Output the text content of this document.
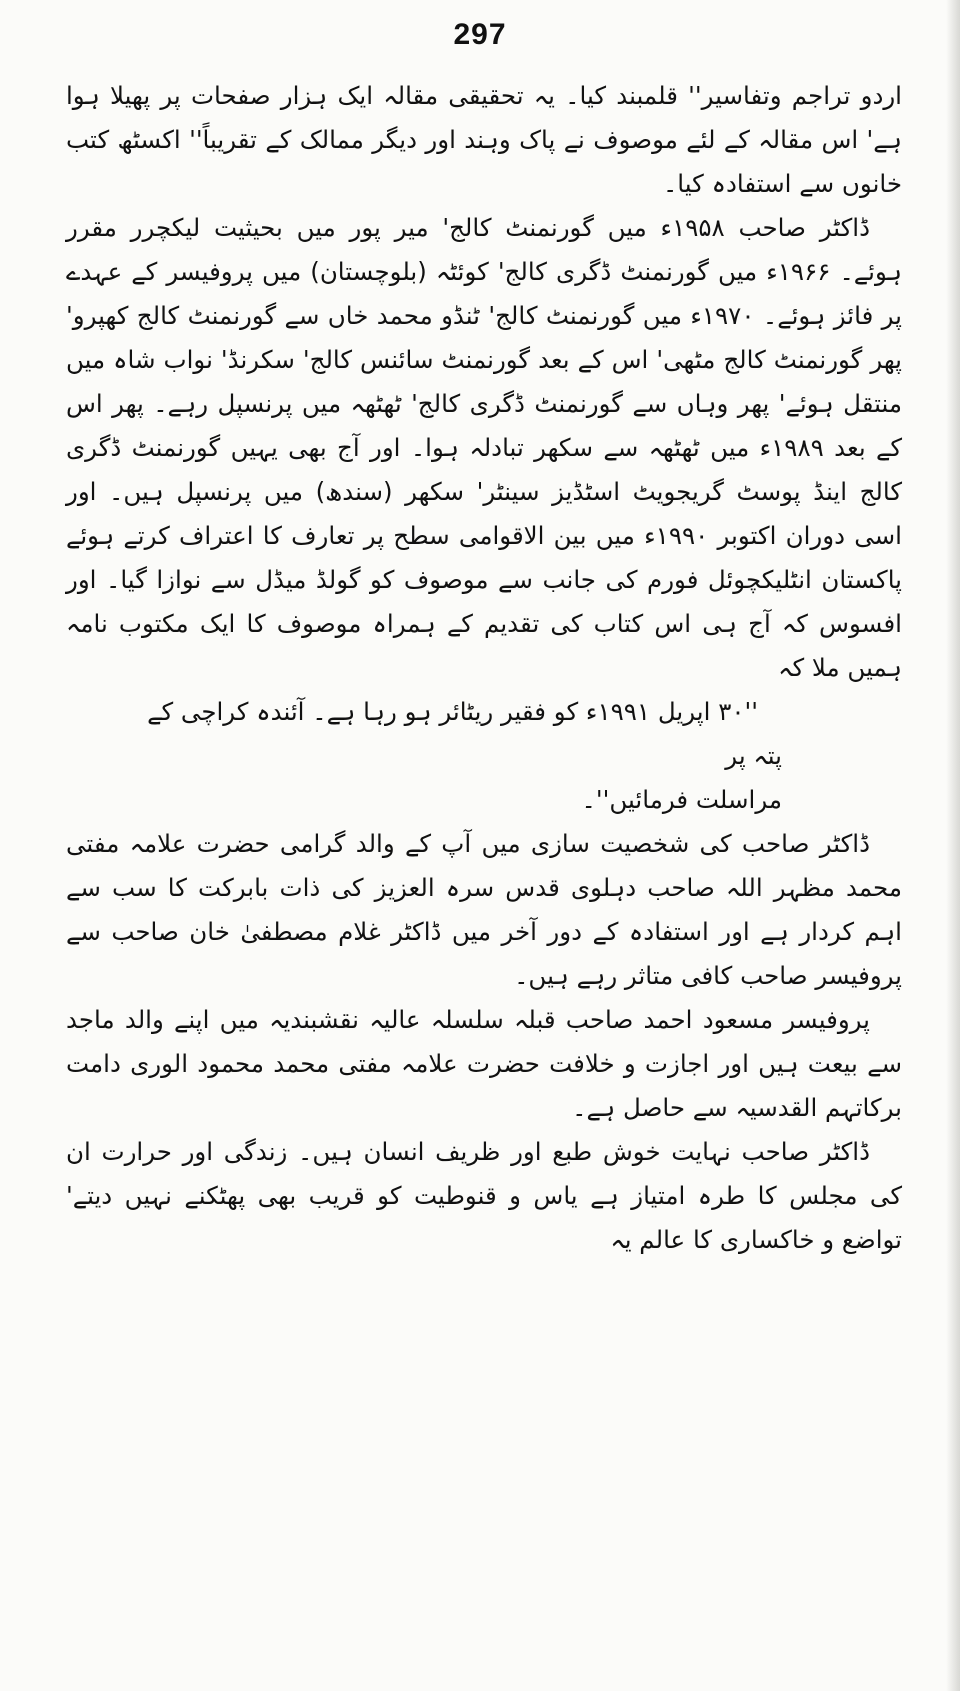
297

اردو تراجم وتفاسیر'' قلمبند کیا۔ یہ تحقیقی مقالہ ایک ہزار صفحات پر پھیلا ہوا ہے' اس مقالہ کے لئے موصوف نے پاک وہند اور دیگر ممالک کے تقریباً'' اکسٹھ کتب خانوں سے استفادہ کیا۔

ڈاکٹر صاحب ۱۹۵۸ء میں گورنمنٹ کالج' میر پور میں بحیثیت لیکچرر مقرر ہوئے۔ ۱۹۶۶ء میں گورنمنٹ ڈگری کالج' کوئٹہ (بلوچستان) میں پروفیسر کے عہدے پر فائز ہوئے۔ ۱۹۷۰ء میں گورنمنٹ کالج' ٹنڈو محمد خاں سے گورنمنٹ کالج کھپرو' پھر گورنمنٹ کالج مٹھی' اس کے بعد گورنمنٹ سائنس کالج' سکرنڈ' نواب شاہ میں منتقل ہوئے' پھر وہاں سے گورنمنٹ ڈگری کالج' ٹھٹھہ میں پرنسپل رہے۔ پھر اس کے بعد ۱۹۸۹ء میں ٹھٹھہ سے سکھر تبادلہ ہوا۔ اور آج بھی یہیں گورنمنٹ ڈگری کالج اینڈ پوسٹ گریجویٹ اسٹڈیز سینٹر' سکھر (سندھ) میں پرنسپل ہیں۔ اور اسی دوران اکتوبر ۱۹۹۰ء میں بین الاقوامی سطح پر تعارف کا اعتراف کرتے ہوئے پاکستان انٹلیکچوئل فورم کی جانب سے موصوف کو گولڈ میڈل سے نوازا گیا۔ اور افسوس کہ آج ہی اس کتاب کی تقدیم کے ہمراہ موصوف کا ایک مکتوب نامہ ہمیں ملا کہ

''۳۰ اپریل ۱۹۹۱ء کو فقیر ریٹائر ہو رہا ہے۔ آئندہ کراچی کے پتہ پر

مراسلت فرمائیں''۔

ڈاکٹر صاحب کی شخصیت سازی میں آپ کے والد گرامی حضرت علامہ مفتی محمد مظہر اللہ صاحب دہلوی قدس سرہ العزیز کی ذات بابرکت کا سب سے اہم کردار ہے اور استفادہ کے دور آخر میں ڈاکٹر غلام مصطفیٰ خان صاحب سے پروفیسر صاحب کافی متاثر رہے ہیں۔

پروفیسر مسعود احمد صاحب قبلہ سلسلہ عالیہ نقشبندیہ میں اپنے والد ماجد سے بیعت ہیں اور اجازت و خلافت حضرت علامہ مفتی محمد محمود الوری دامت برکاتہم القدسیہ سے حاصل ہے۔

ڈاکٹر صاحب نہایت خوش طبع اور ظریف انسان ہیں۔ زندگی اور حرارت ان کی مجلس کا طرہ امتیاز ہے یاس و قنوطیت کو قریب بھی پھٹکنے نہیں دیتے' تواضع و خاکساری کا عالم یہ
